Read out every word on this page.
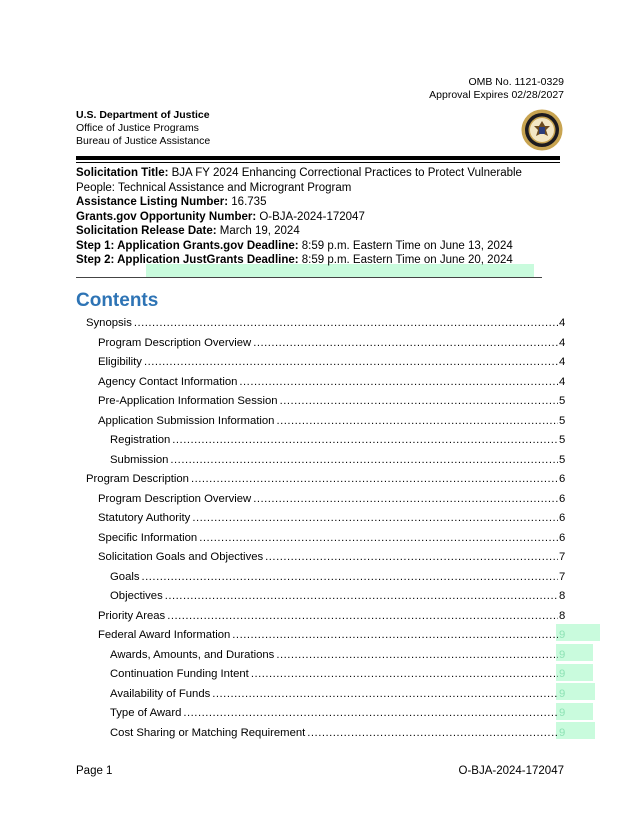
OMB No. 1121-0329
Approval Expires 02/28/2027
U.S. Department of Justice
Office of Justice Programs
Bureau of Justice Assistance
Solicitation Title: BJA FY 2024 Enhancing Correctional Practices to Protect Vulnerable
People: Technical Assistance and Microgrant Program
Assistance Listing Number: 16.735
Grants.gov Opportunity Number: O-BJA-2024-172047
Solicitation Release Date: March 19, 2024
Step 1: Application Grants.gov Deadline: 8:59 p.m. Eastern Time on June 13, 2024
Step 2: Application JustGrants Deadline: 8:59 p.m. Eastern Time on June 20, 2024
Contents
Synopsis .....	4
Program Description Overview .....	4
Eligibility .....	4
Agency Contact Information .....	4
Pre-Application Information Session .....	5
Application Submission Information .....	5
Registration .....	5
Submission .....	5
Program Description .....	6
Program Description Overview .....	6
Statutory Authority .....	6
Specific Information .....	6
Solicitation Goals and Objectives .....	7
Goals .....	7
Objectives .....	8
Priority Areas .....	8
Federal Award Information .....	9
Awards, Amounts, and Durations .....	9
Continuation Funding Intent .....	9
Availability of Funds .....	9
Type of Award .....	9
Cost Sharing or Matching Requirement .....	9
Page 1	O-BJA-2024-172047
